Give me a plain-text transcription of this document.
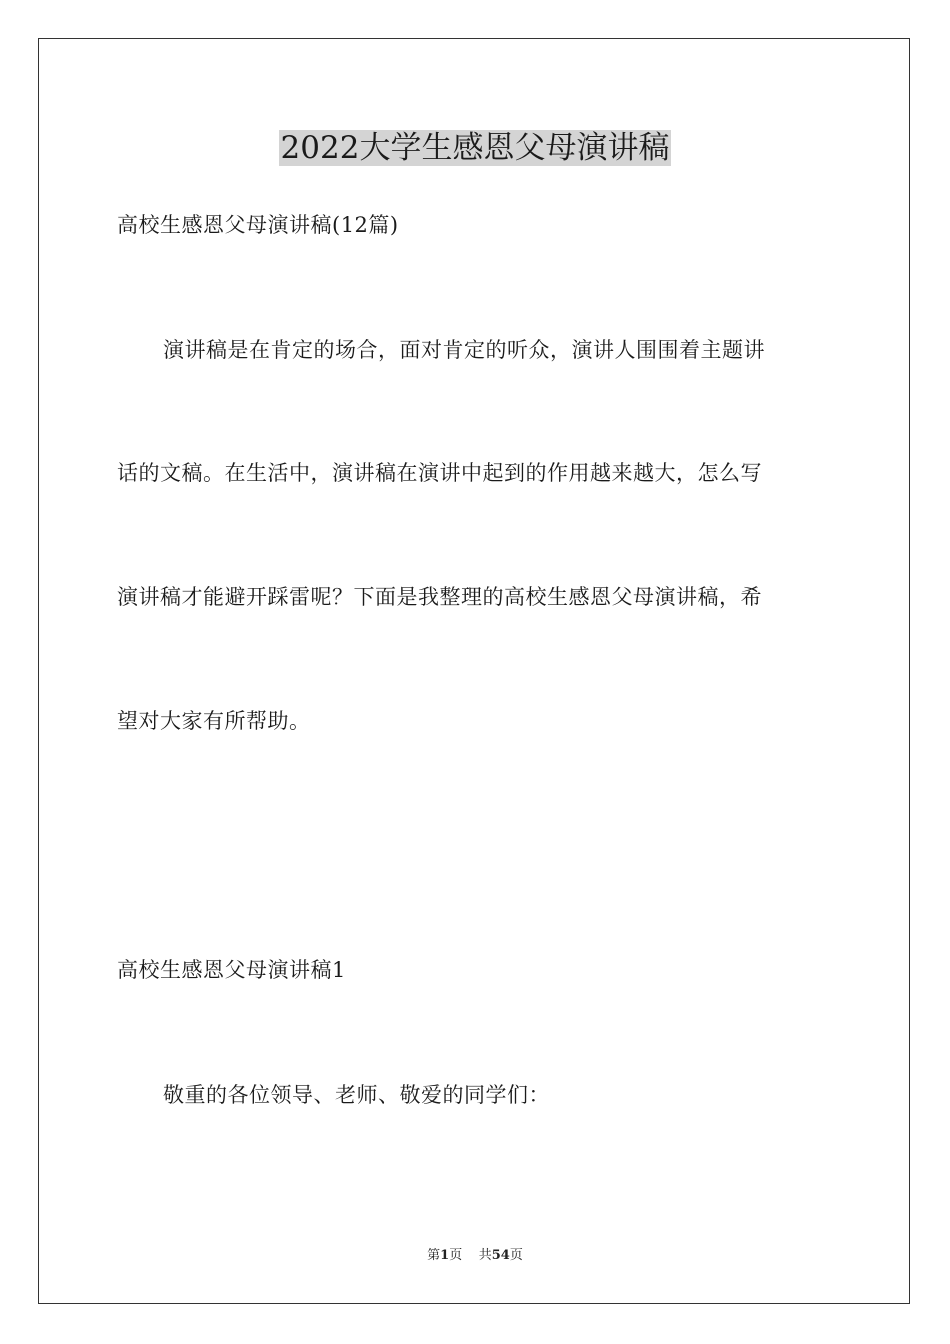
2022大学生感恩父母演讲稿
高校生感恩父母演讲稿(12篇)
演讲稿是在肯定的场合，面对肯定的听众，演讲人围围着主题讲
话的文稿。在生活中，演讲稿在演讲中起到的作用越来越大，怎么写
演讲稿才能避开踩雷呢？下面是我整理的高校生感恩父母演讲稿，希
望对大家有所帮助。
高校生感恩父母演讲稿1
敬重的各位领导、老师、敬爱的同学们：
第1页 共54页
